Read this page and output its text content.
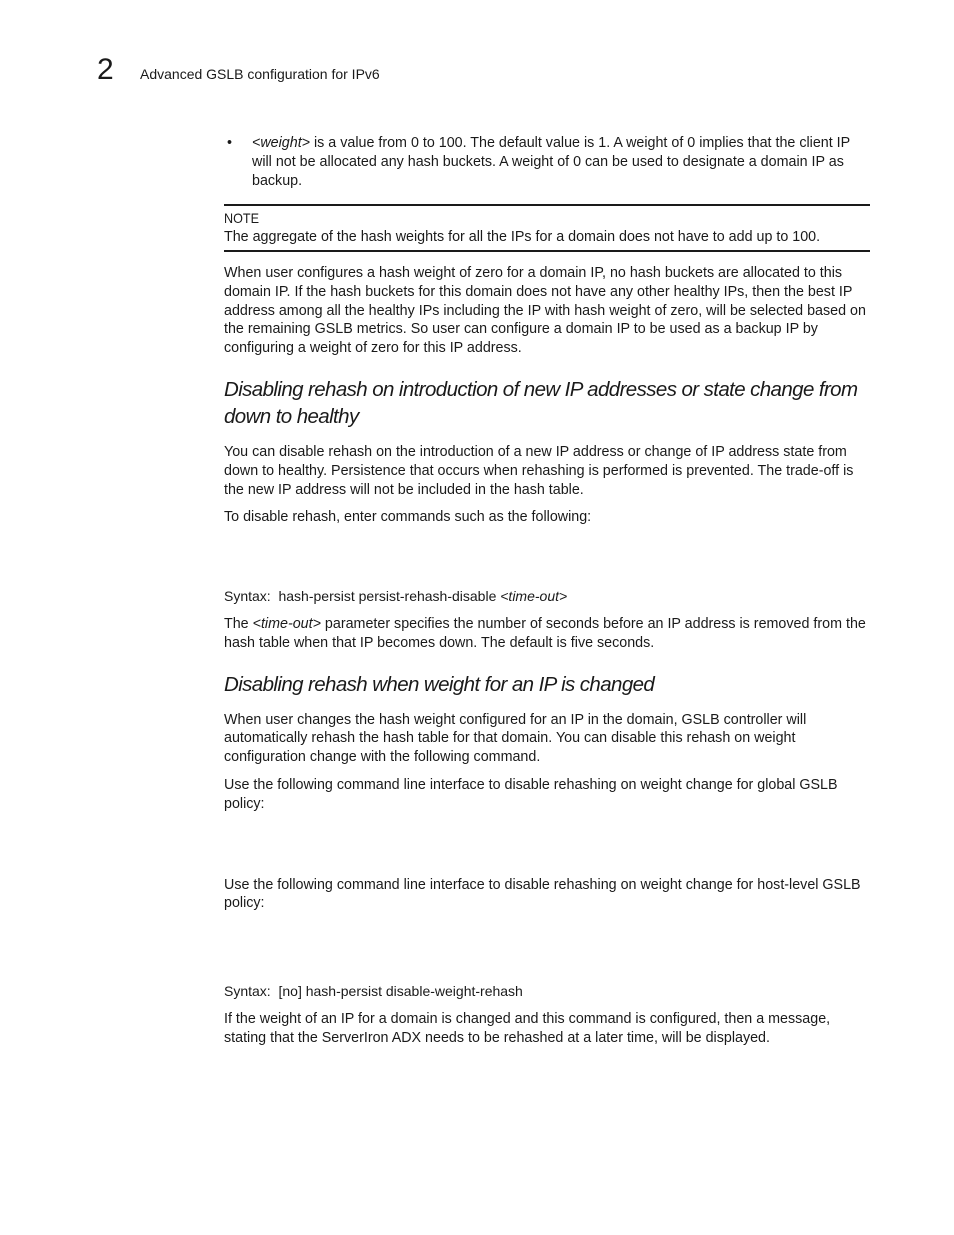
2 Advanced GSLB configuration for IPv6
• <weight> is a value from 0 to 100. The default value is 1. A weight of 0 implies that the client IP will not be allocated any hash buckets. A weight of 0 can be used to designate a domain IP as backup.
NOTE
The aggregate of the hash weights for all the IPs for a domain does not have to add up to 100.

When user configures a hash weight of zero for a domain IP, no hash buckets are allocated to this domain IP. If the hash buckets for this domain does not have any other healthy IPs, then the best IP address among all the healthy IPs including the IP with hash weight of zero, will be selected based on the remaining GSLB metrics. So user can configure a domain IP to be used as a backup IP by configuring a weight of zero for this IP address.

Disabling rehash on introduction of new IP addresses or state change from down to healthy

You can disable rehash on the introduction of a new IP address or change of IP address state from down to healthy. Persistence that occurs when rehashing is performed is prevented. The trade-off is the new IP address will not be included in the hash table.

To disable rehash, enter commands such as the following:

Syntax: hash-persist persist-rehash-disable <time-out>

The <time-out> parameter specifies the number of seconds before an IP address is removed from the hash table when that IP becomes down. The default is five seconds.

Disabling rehash when weight for an IP is changed

When user changes the hash weight configured for an IP in the domain, GSLB controller will automatically rehash the hash table for that domain. You can disable this rehash on weight configuration change with the following command.

Use the following command line interface to disable rehashing on weight change for global GSLB policy:

Use the following command line interface to disable rehashing on weight change for host-level GSLB policy:

Syntax: [no] hash-persist disable-weight-rehash

If the weight of an IP for a domain is changed and this command is configured, then a message, stating that the ServerIron ADX needs to be rehashed at a later time, will be displayed.
